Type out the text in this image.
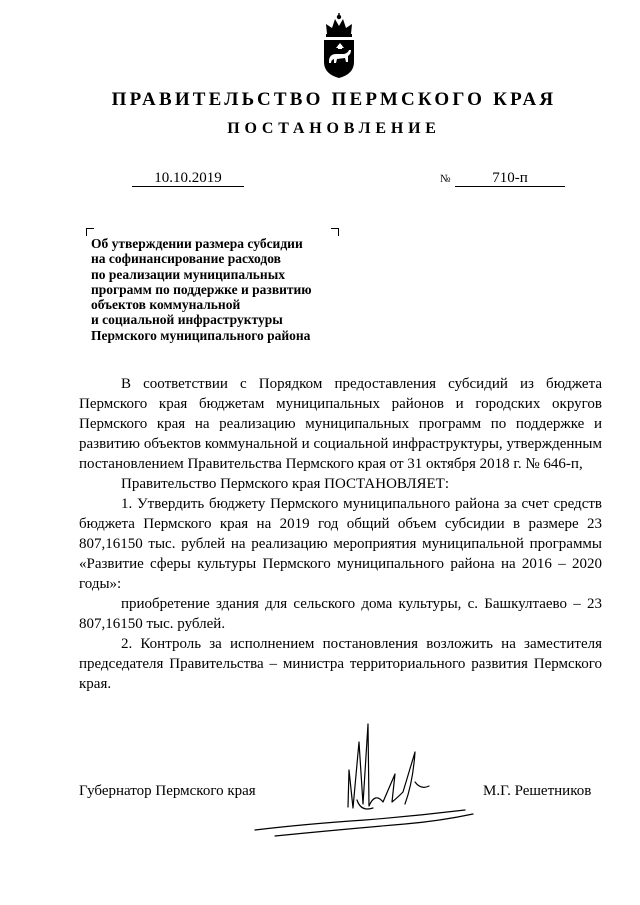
ПРАВИТЕЛЬСТВО ПЕРМСКОГО КРАЯ
ПОСТАНОВЛЕНИЕ
10.10.2019	№	710-п
Об утверждении размера субсидии
на софинансирование расходов
по реализации муниципальных
программ по поддержке и развитию
объектов коммунальной
и социальной инфраструктуры
Пермского муниципального района

В соответствии с Порядком предоставления субсидий из бюджета Пермского края бюджетам муниципальных районов и городских округов Пермского края на реализацию муниципальных программ по поддержке и развитию объектов коммунальной и социальной инфраструктуры, утвержденным постановлением Правительства Пермского края от 31 октября 2018 г. № 646-п,

Правительство Пермского края ПОСТАНОВЛЯЕТ:

1. Утвердить бюджету Пермского муниципального района за счет средств бюджета Пермского края на 2019 год общий объем субсидии в размере 23 807,16150 тыс. рублей на реализацию мероприятия муниципальной программы «Развитие сферы культуры Пермского муниципального района на 2016 – 2020 годы»:

приобретение здания для сельского дома культуры, с. Башкултаево – 23 807,16150 тыс. рублей.

2. Контроль за исполнением постановления возложить на заместителя председателя Правительства – министра территориального развития Пермского края.

Губернатор Пермского края	М.Г. Решетников
